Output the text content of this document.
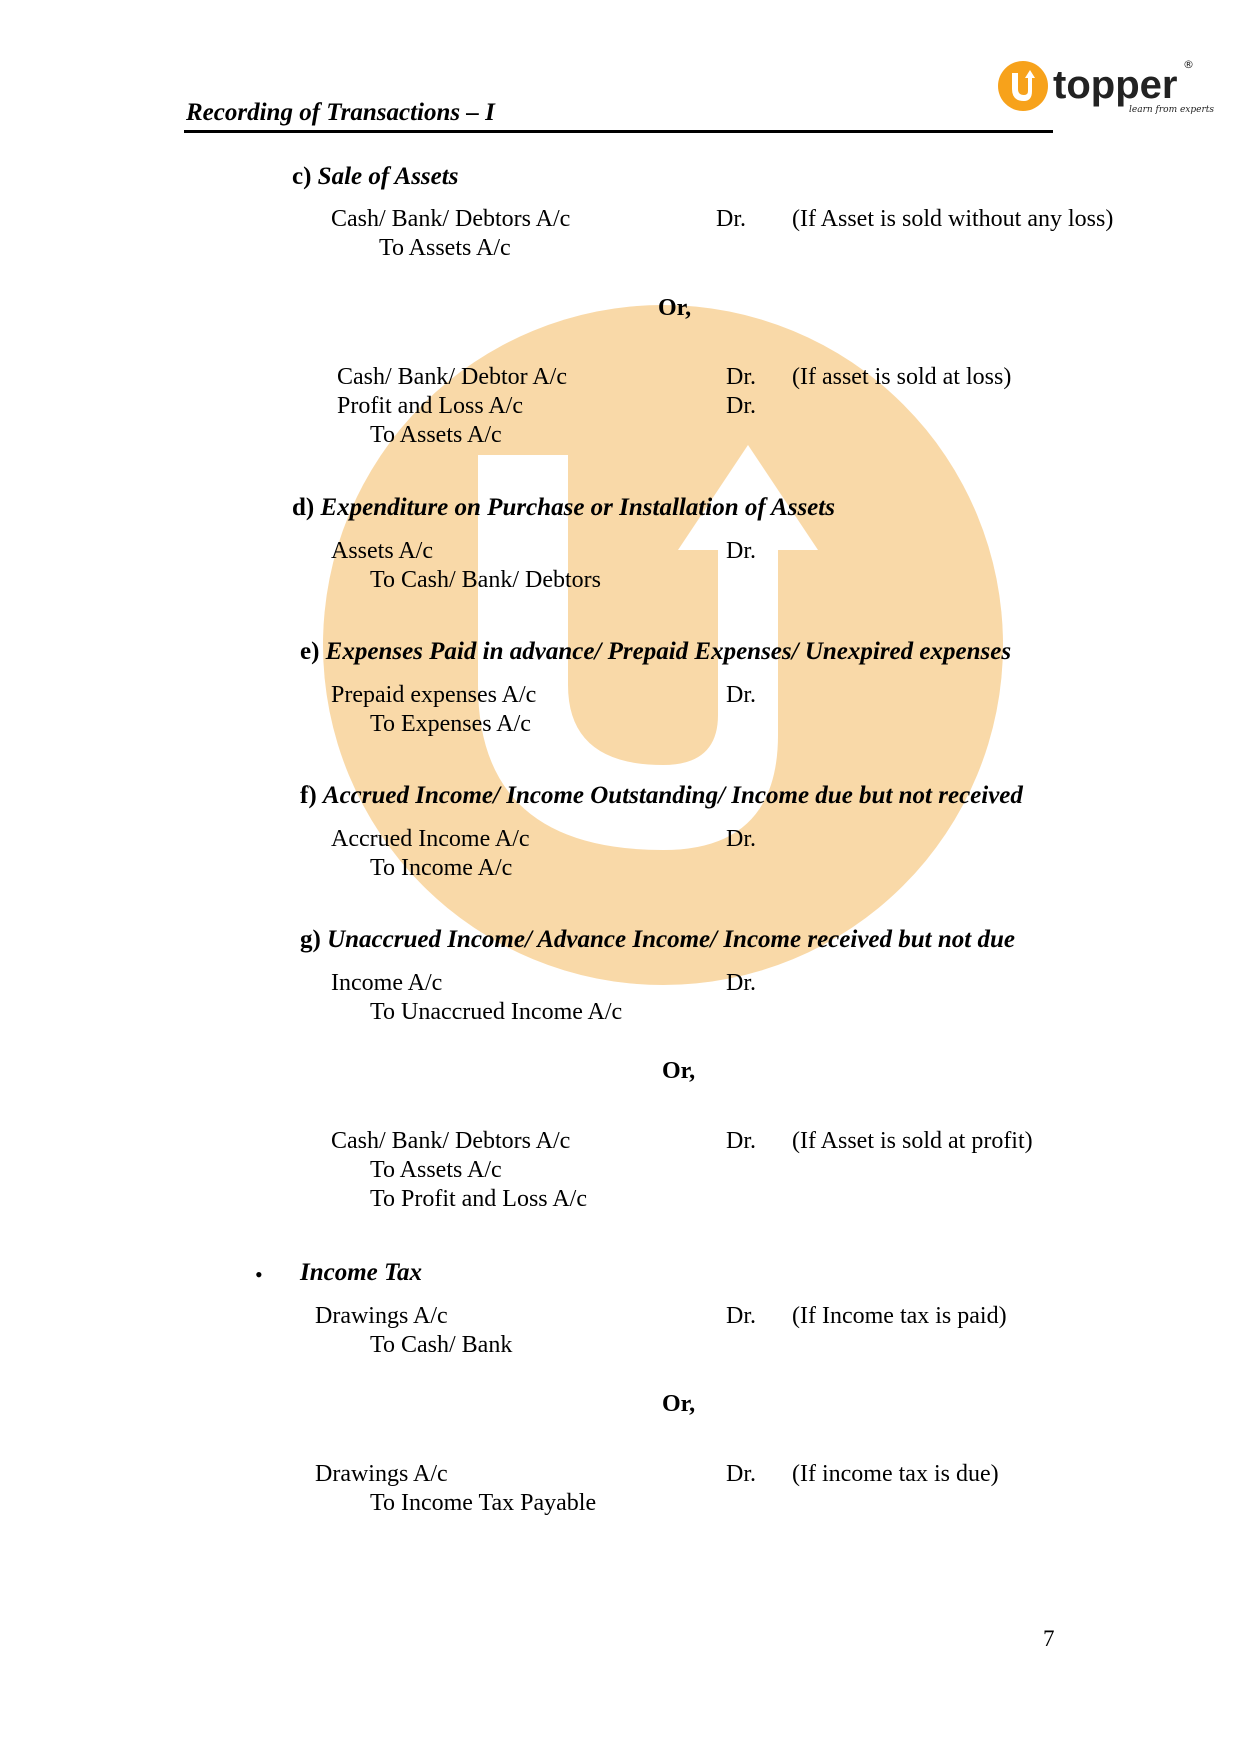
topper ®
learn from experts
Recording of Transactions – I
c) Sale of Assets
Cash/ Bank/ Debtors A/c	Dr. (If Asset is sold without any loss)
To Assets A/c
Or,
Cash/ Bank/ Debtor A/c	Dr. (If asset is sold at loss)
Profit and Loss A/c	Dr.
To Assets A/c
d) Expenditure on Purchase or Installation of Assets
Assets A/c	Dr.
To Cash/ Bank/ Debtors
e) Expenses Paid in advance/ Prepaid Expenses/ Unexpired expenses
Prepaid expenses A/c	Dr.
To Expenses A/c
f) Accrued Income/ Income Outstanding/ Income due but not received
Accrued Income A/c	Dr.
To Income A/c
g) Unaccrued Income/ Advance Income/ Income received but not due
Income A/c	Dr.
To Unaccrued Income A/c
Or,
Cash/ Bank/ Debtors A/c	Dr. (If Asset is sold at profit)
To Assets A/c
To Profit and Loss A/c
• Income Tax
Drawings A/c	Dr. (If Income tax is paid)
To Cash/ Bank
Or,
Drawings A/c	Dr. (If income tax is due)
To Income Tax Payable
7
